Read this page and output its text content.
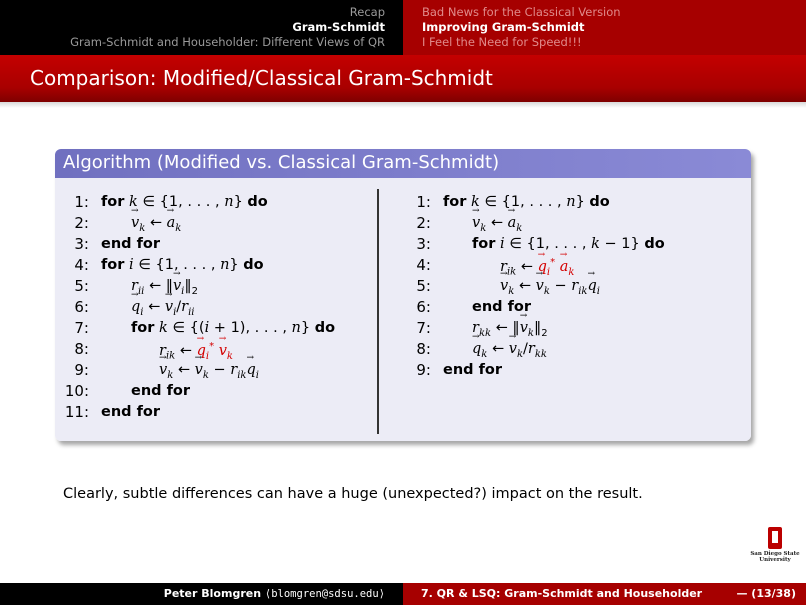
Recap
Gram-Schmidt
Gram-Schmidt and Householder: Different Views of QR
Bad News for the Classical Version
Improving Gram-Schmidt
I Feel the Need for Speed!!!
Comparison: Modified/Classical Gram-Schmidt
Algorithm (Modified vs. Classical Gram-Schmidt)
1:
2:
3:
4:
5:
6:
7:
8:
9:
10:
11:
for k ∈ {1, . . . , n} do
→ $v_k$ ← → $a_k$
end for
for i ∈ {1, . . . , n} do
$r_{ii}$ ← ‖→ $v_i‖_2$
→ $q_i$ ← → $v_i/r_{ii}$
for k ∈ {(i + 1), . . . , n} do
$r_{ik}$ ← → $q_i^* \to v_k$
→ $v_k$ ← → $v_k - r_{ik}\to q_i$
end for
end for
1:
2:
3:
4:
5:
6:
7:
8:
9:
for k ∈ {1, . . . , n} do
→ $v_k$ ← → $a_k$
for i ∈ {1, . . . , k − 1} do
$r_{ik}$ ← → $q_i^* \to a_k$
→ $v_k$ ← → $v_k - r_{ik}\to q_i$
end for
$r_{kk}$ ← ‖→ $v_k‖_2$
→ $q_k$ ← → $v_k/r_{kk}$
end for
Clearly, subtle differences can have a huge (unexpected?) impact on the result.
San Diego State
University
Peter Blomgren ⟨blomgren@sdsu.edu⟩	7. QR & LSQ: Gram-Schmidt and Householder	— (13/38)
